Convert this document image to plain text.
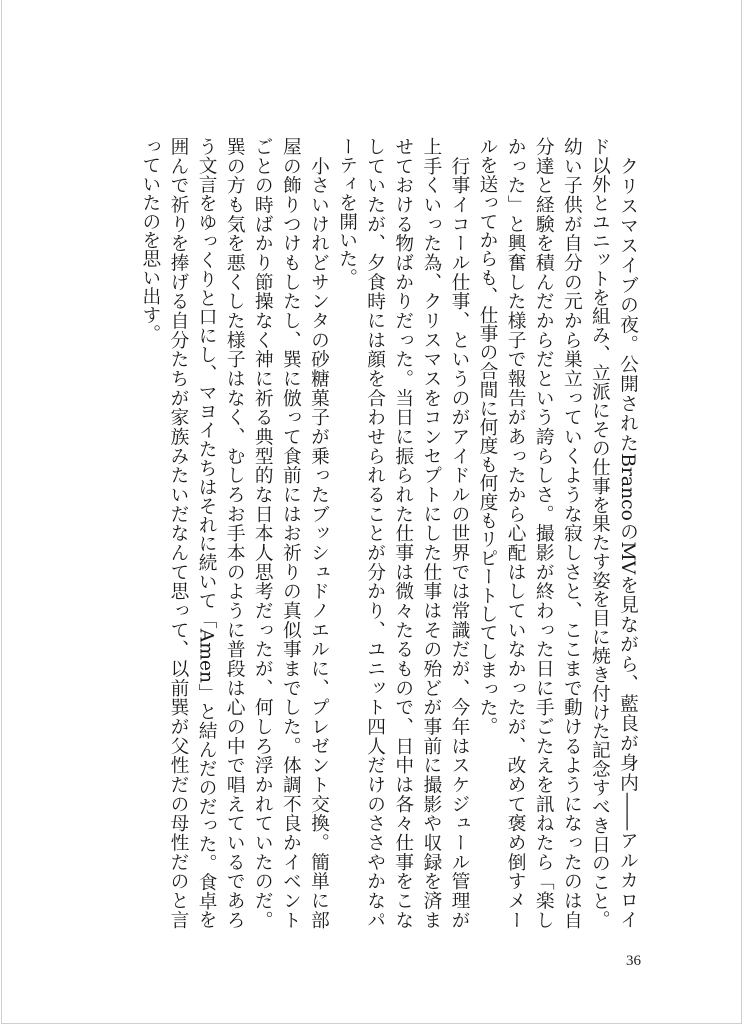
　クリスマスイブの夜。公開されたBrancoのMVを見ながら、藍良が身内――アルカロイ
ド以外とユニットを組み、立派にその仕事を果たす姿を目に焼き付けた記念すべき日のこと。
幼い子供が自分の元から巣立っていくような寂しさと、ここまで動けるようになったのは自
分達と経験を積んだからだという誇らしさ。撮影が終わった日に手ごたえを訊ねたら「楽し
かった」と興奮した様子で報告があったから心配はしていなかったが、改めて褒め倒すメー
ルを送ってからも、仕事の合間に何度も何度もリピートしてしまった。
　行事イコール仕事、というのがアイドルの世界では常識だが、今年はスケジュール管理が
上手くいった為、クリスマスをコンセプトにした仕事はその殆どが事前に撮影や収録を済ま
せておける物ばかりだった。当日に振られた仕事は微々たるもので、日中は各々仕事をこな
していたが、夕食時には顔を合わせられることが分かり、ユニット四人だけのささやかなパ
ーティを開いた。
　小さいけれどサンタの砂糖菓子が乗ったブッシュドノエルに、プレゼント交換。簡単に部
屋の飾りつけもしたし、巽に倣って食前にはお祈りの真似事までした。体調不良かイベント
ごとの時ばかり節操なく神に祈る典型的な日本人思考だったが、何しろ浮かれていたのだ。
巽の方も気を悪くした様子はなく、むしろお手本のように普段は心の中で唱えているであろ
う文言をゆっくりと口にし、マヨイたちはそれに続いて「Amen」と結んだのだった。食卓を
囲んで祈りを捧げる自分たちが家族みたいだなんて思って、以前巽が父性だの母性だのと言
っていたのを思い出す。
36
